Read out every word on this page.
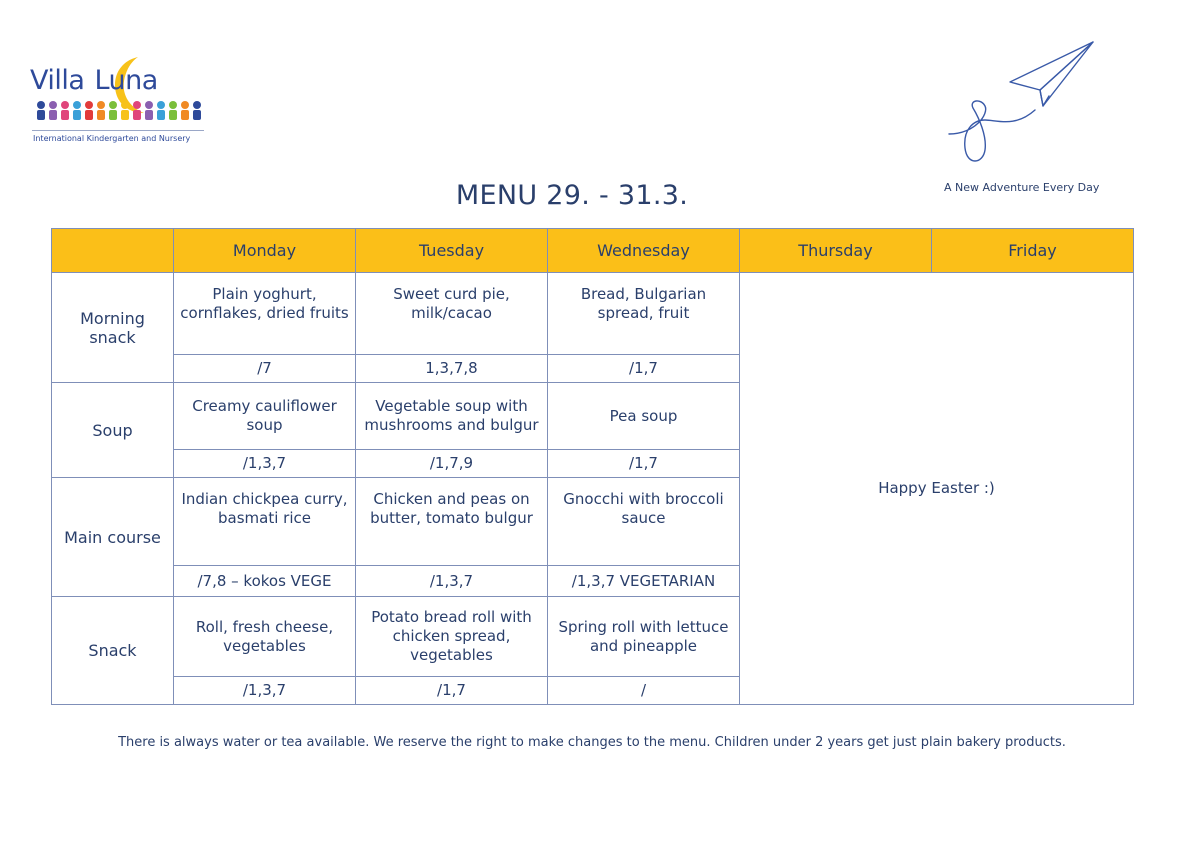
Villa Luna
International Kindergarten and Nursery
A New Adventure Every Day
MENU 29. - 31.3.
	Monday	Tuesday	Wednesday	Thursday	Friday
Morning snack	Plain yoghurt, cornflakes, dried fruits	Sweet curd pie, milk/cacao	Bread, Bulgarian spread, fruit	Happy Easter :)	
	/7	1,3,7,8	/1,7		
Soup	Creamy cauliflower soup	Vegetable soup with mushrooms and bulgur	Pea soup		
	/1,3,7	/1,7,9	/1,7		
Main course	Indian chickpea curry, basmati rice	Chicken and peas on butter, tomato bulgur	Gnocchi with broccoli sauce		
	/7,8 – kokos VEGE	/1,3,7	/1,3,7 VEGETARIAN		
Snack	Roll, fresh cheese, vegetables	Potato bread roll with chicken spread, vegetables	Spring roll with lettuce and pineapple		
	/1,3,7	/1,7	/		
There is always water or tea available. We reserve the right to make changes to the menu. Children under 2 years get just plain bakery products.
